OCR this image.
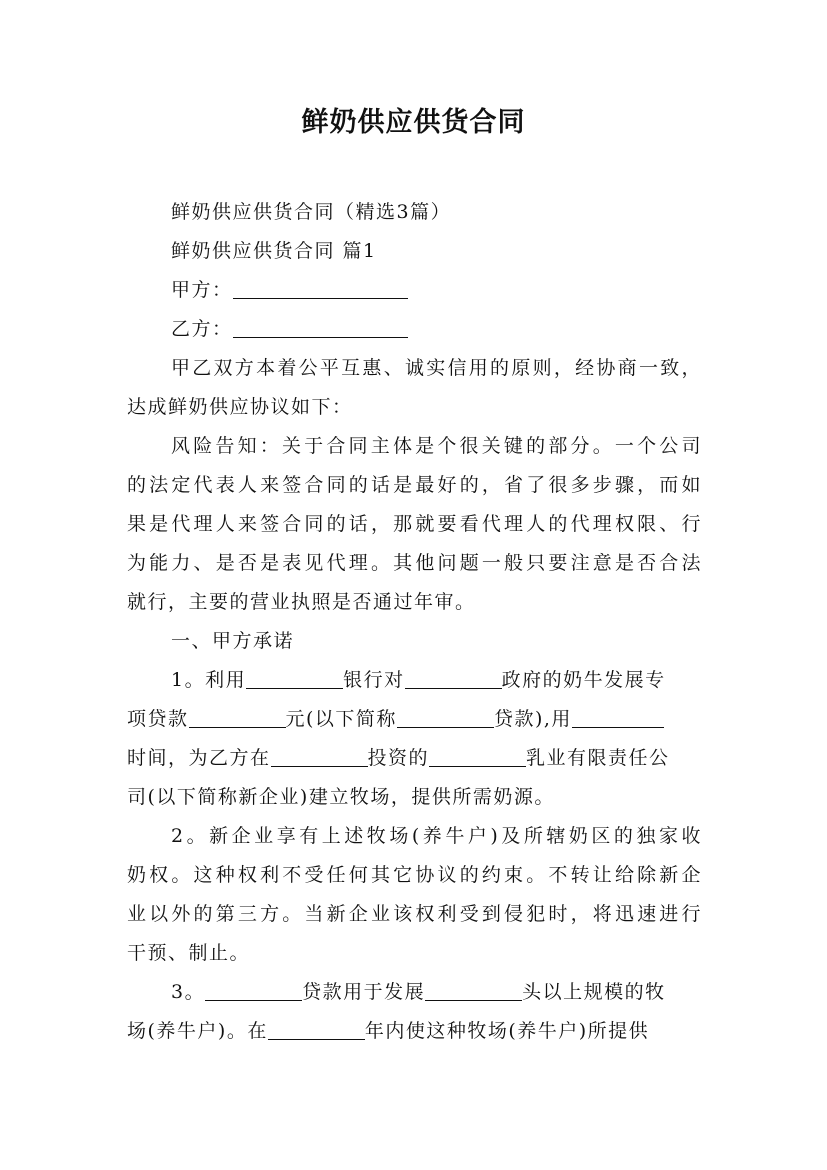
鲜奶供应供货合同
鲜奶供应供货合同（精选3篇）
鲜奶供应供货合同 篇1
甲方：
乙方：
甲乙双方本着公平互惠、诚实信用的原则，经协商一致，
达成鲜奶供应协议如下：
风险告知：关于合同主体是个很关键的部分。一个公司
的法定代表人来签合同的话是最好的，省了很多步骤，而如
果是代理人来签合同的话，那就要看代理人的代理权限、行
为能力、是否是表见代理。其他问题一般只要注意是否合法
就行，主要的营业执照是否通过年审。
一、甲方承诺
1。利用	银行对	政府的奶牛发展专
项贷款	元(以下简称	贷款),用
时间，为乙方在	投资的	乳业有限责任公
司(以下简称新企业)建立牧场，提供所需奶源。
2。新企业享有上述牧场(养牛户)及所辖奶区的独家收
奶权。这种权利不受任何其它协议的约束。不转让给除新企
业以外的第三方。当新企业该权利受到侵犯时，将迅速进行
干预、制止。
3。	贷款用于发展	头以上规模的牧
场(养牛户)。在	年内使这种牧场(养牛户)所提供
